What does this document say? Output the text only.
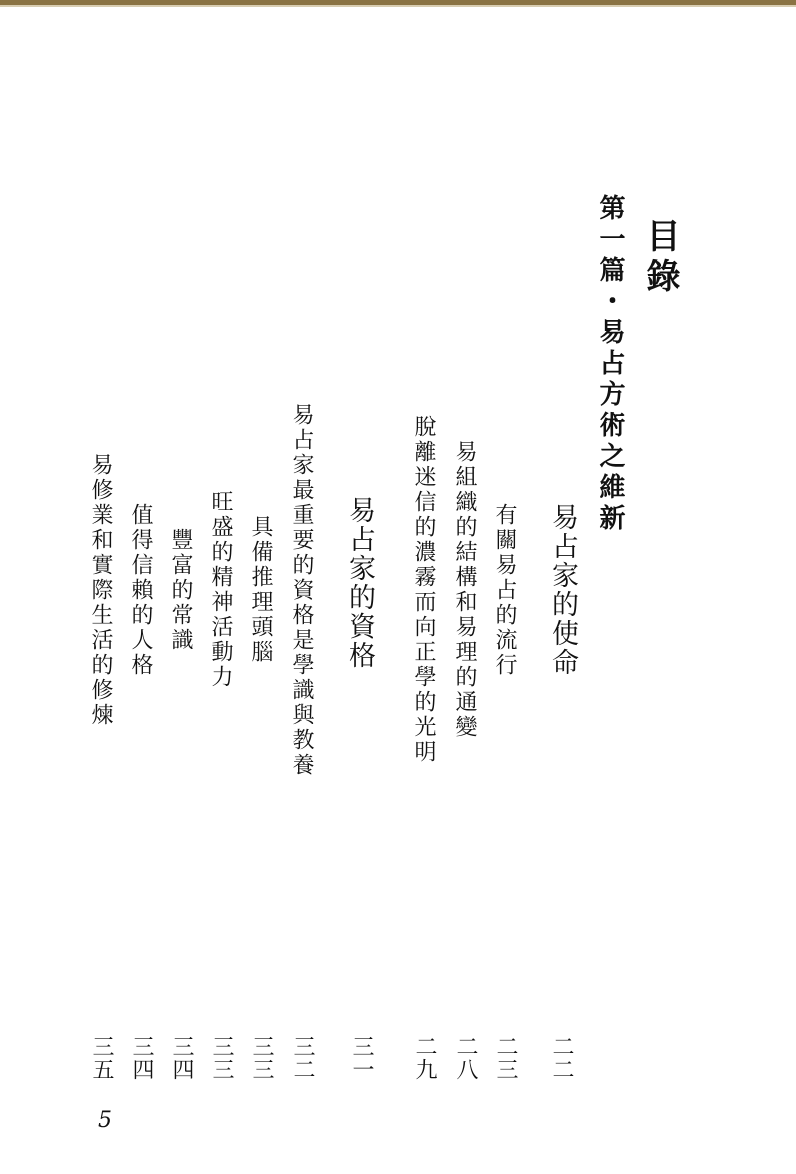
目錄
第一篇・易占方術之維新
易占家的使命
二二
有關易占的流行
二三
易組織的結構和易理的通變
二八
脫離迷信的濃霧而向正學的光明
二九
易占家的資格
三一
易占家最重要的資格是學識與教養
三二
具備推理頭腦
三三
旺盛的精神活動力
三三
豐富的常識
三四
值得信賴的人格
三四
易修業和實際生活的修煉
三五
5
